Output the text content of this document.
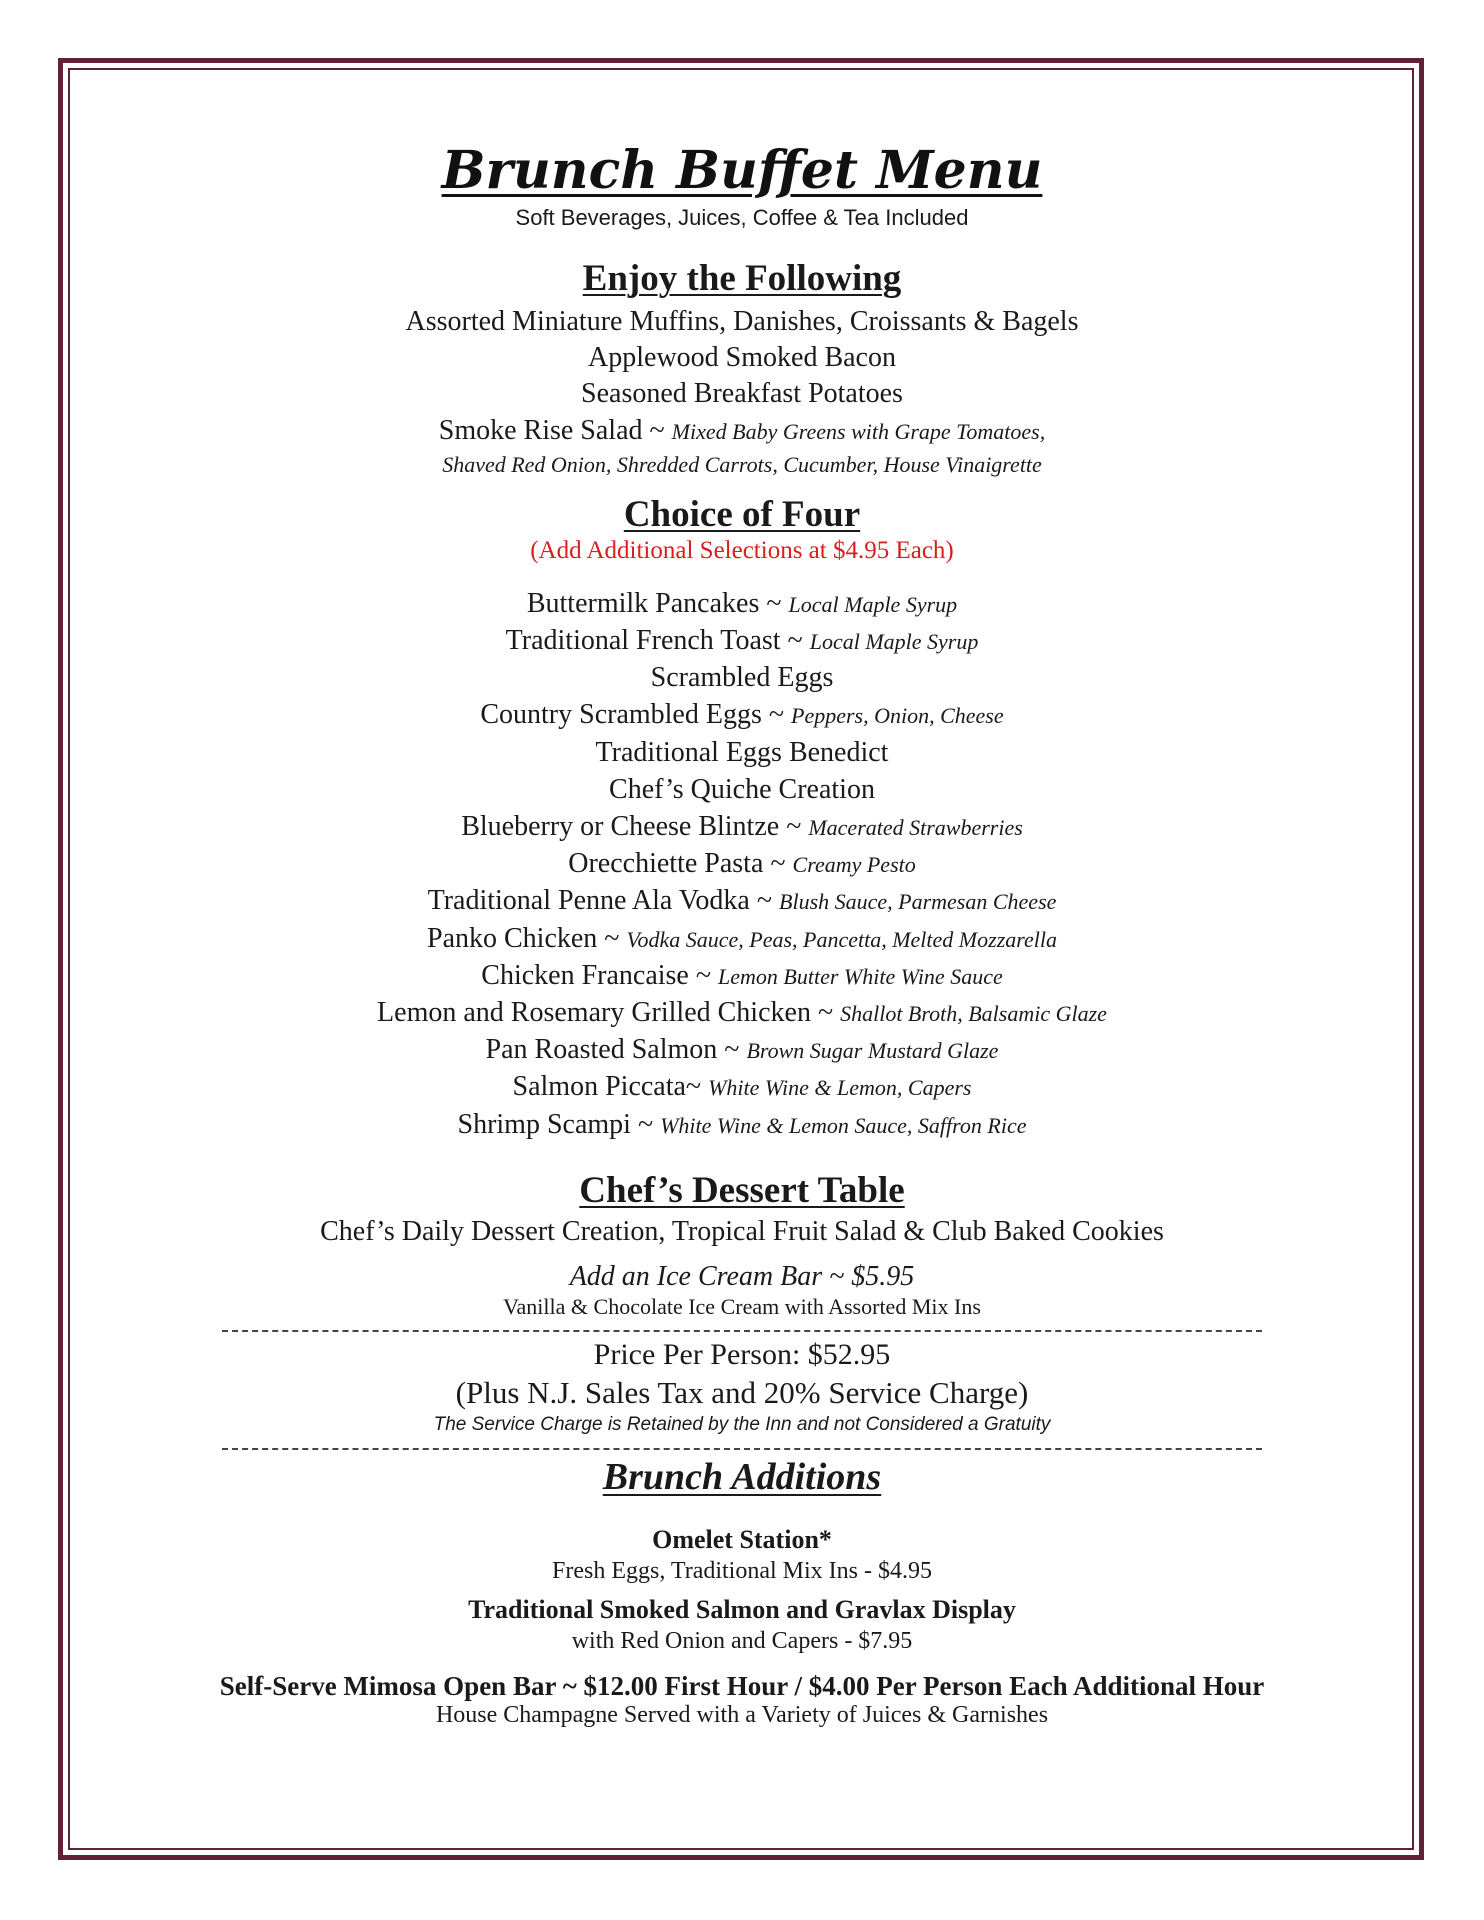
Brunch Buffet Menu
Soft Beverages, Juices, Coffee & Tea Included
Enjoy the Following
Assorted Miniature Muffins, Danishes, Croissants & Bagels
Applewood Smoked Bacon
Seasoned Breakfast Potatoes
Smoke Rise Salad ~ Mixed Baby Greens with Grape Tomatoes,
Shaved Red Onion, Shredded Carrots, Cucumber, House Vinaigrette
Choice of Four
(Add Additional Selections at $4.95 Each)
Buttermilk Pancakes ~ Local Maple Syrup
Traditional French Toast ~ Local Maple Syrup
Scrambled Eggs
Country Scrambled Eggs ~ Peppers, Onion, Cheese
Traditional Eggs Benedict
Chef’s Quiche Creation
Blueberry or Cheese Blintze ~ Macerated Strawberries
Orecchiette Pasta ~ Creamy Pesto
Traditional Penne Ala Vodka ~ Blush Sauce, Parmesan Cheese
Panko Chicken ~ Vodka Sauce, Peas, Pancetta, Melted Mozzarella
Chicken Francaise ~ Lemon Butter White Wine Sauce
Lemon and Rosemary Grilled Chicken ~ Shallot Broth, Balsamic Glaze
Pan Roasted Salmon ~ Brown Sugar Mustard Glaze
Salmon Piccata~ White Wine & Lemon, Capers
Shrimp Scampi ~ White Wine & Lemon Sauce, Saffron Rice
Chef’s Dessert Table
Chef’s Daily Dessert Creation, Tropical Fruit Salad & Club Baked Cookies
Add an Ice Cream Bar ~ $5.95
Vanilla & Chocolate Ice Cream with Assorted Mix Ins
Price Per Person: $52.95
(Plus N.J. Sales Tax and 20% Service Charge)
The Service Charge is Retained by the Inn and not Considered a Gratuity
Brunch Additions
Omelet Station*
Fresh Eggs, Traditional Mix Ins - $4.95
Traditional Smoked Salmon and Gravlax Display
with Red Onion and Capers - $7.95
Self-Serve Mimosa Open Bar ~ $12.00 First Hour / $4.00 Per Person Each Additional Hour
House Champagne Served with a Variety of Juices & Garnishes
